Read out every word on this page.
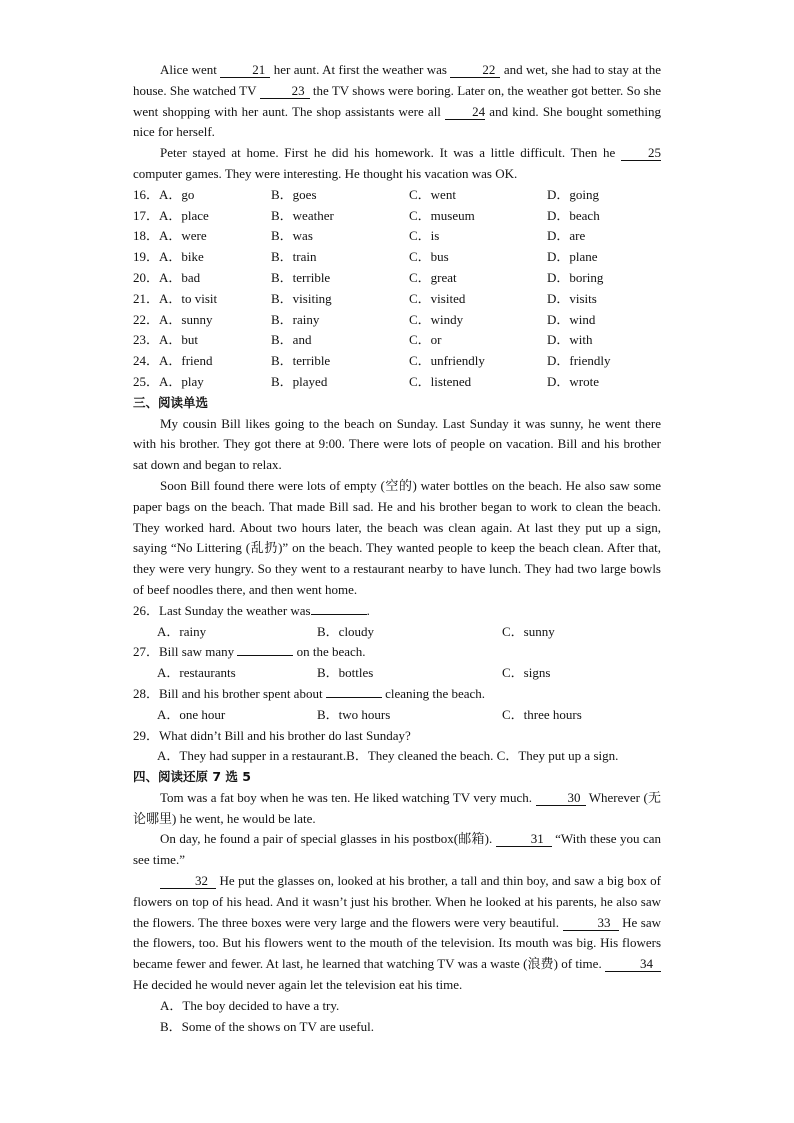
Alice went 21 her aunt. At first the weather was 22 and wet, she had to stay at the house. She watched TV 23 the TV shows were boring. Later on, the weather got better. So she went shopping with her aunt. The shop assistants were all 24 and kind. She bought something nice for herself.

Peter stayed at home. First he did his homework. It was a little difficult. Then he 25 computer games. They were interesting. He thought his vacation was OK.

16．A．go	B．goes	C．went	D．going
17．A．place	B．weather	C．museum	D．beach
18．A．were	B．was	C．is	D．are
19．A．bike	B．train	C．bus	D．plane
20．A．bad	B．terrible	C．great	D．boring
21．A．to visit	B．visiting	C．visited	D．visits
22．A．sunny	B．rainy	C．windy	D．wind
23．A．but	B．and	C．or	D．with
24．A．friend	B．terrible	C．unfriendly	D．friendly
25．A．play	B．played	C．listened	D．wrote

三、阅读单选

My cousin Bill likes going to the beach on Sunday. Last Sunday it was sunny, he went there with his brother. They got there at 9:00. There were lots of people on vacation. Bill and his brother sat down and began to relax.

Soon Bill found there were lots of empty (空的) water bottles on the beach. He also saw some paper bags on the beach. That made Bill sad. He and his brother began to work to clean the beach. They worked hard. About two hours later, the beach was clean again. At last they put up a sign, saying “No Littering (乱扔)” on the beach. They wanted people to keep the beach clean. After that, they were very hungry. So they went to a restaurant nearby to have lunch. They had two large bowls of beef noodles there, and then went home.

26．Last Sunday the weather was	.

A．rainy	B．cloudy	C．sunny

27．Bill saw many	on the beach.

A．restaurants	B．bottles	C．signs

28．Bill and his brother spent about	cleaning the beach.

A．one hour	B．two hours	C．three hours

29．What didn’t Bill and his brother do last Sunday?

A．They had supper in a restaurant.B．They cleaned the beach. C．They put up a sign.

四、阅读还原 7 选 5

Tom was a fat boy when he was ten. He liked watching TV very much. 30 Wherever (无论哪里) he went, he would be late.

On day, he found a pair of special glasses in his postbox(邮箱).	31 “With these you can see time.”

32 He put the glasses on, looked at his brother, a tall and thin boy, and saw a big box of flowers on top of his head. And it wasn’t just his brother. When he looked at his parents, he also saw the flowers. The three boxes were very large and the flowers were very beautiful.	33 He saw the flowers, too. But his flowers went to the mouth of the television. Its mouth was big. His flowers became fewer and fewer. At last, he learned that watching TV was a waste (浪费) of time.	34 He decided he would never again let the television eat his time.

A．The boy decided to have a try.

B．Some of the shows on TV are useful.
